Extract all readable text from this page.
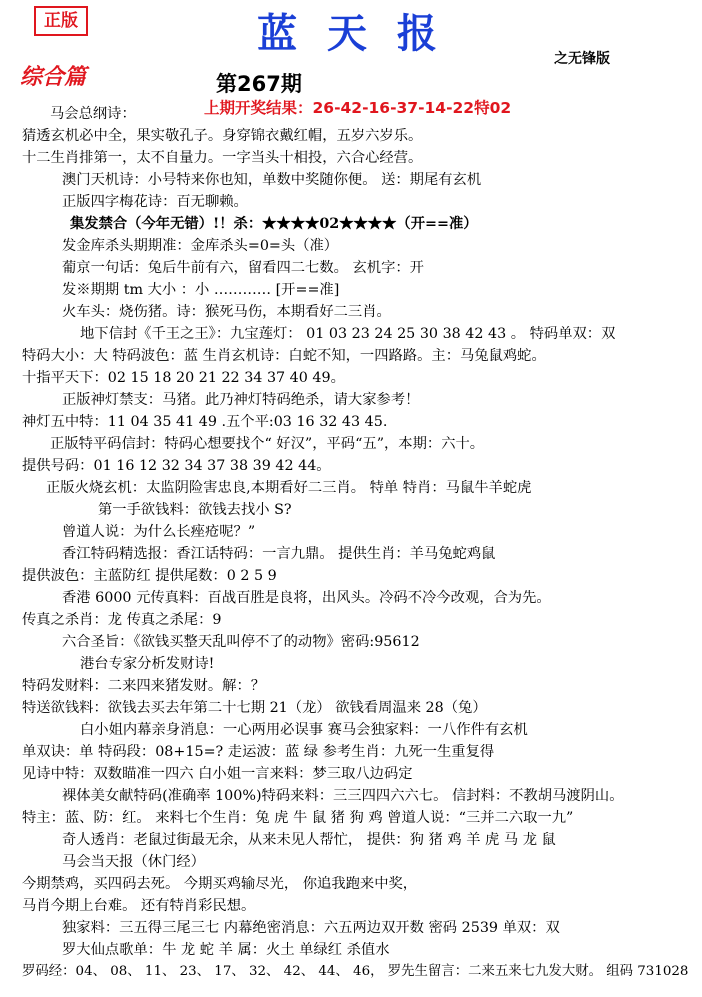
正版	蓝 天 报
之无锋版
综合篇	第267期
上期开奖结果：26-42-16-37-14-22特02
马会总纲诗：
猜透玄机必中全，果实敬孔子。身穿锦衣戴红帽，五岁六岁乐。
十二生肖排第一，太不自量力。一字当头十相投，六合心经营。
澳门天机诗：小号特来你也知，单数中奖随你便。 送：期尾有玄机
正版四字梅花诗：百无聊赖。
集发禁合（今年无错）!！杀：★★★★02★★★★（开==准）
发金库杀头期期准：金库杀头=0=头（准）
葡京一句话：兔后牛前有六，留看四二七数。 玄机字：开
发※期期 tm 大小 ：小 ………… [开==准]
火车头：烧伤猪。诗：猴死马伤，本期看好二三肖。
地下信封《千王之王》：九宝莲灯： 01 03 23 24 25 30 38 42 43 。 特码单双：双
特码大小：大 特码波色：蓝 生肖玄机诗：白蛇不知，一四路路。主：马兔鼠鸡蛇。
十指平天下：02 15 18 20 21 22 34 37 40 49。
正版神灯禁支：马猪。此乃神灯特码绝杀，请大家参考！
神灯五中特：11 04 35 41 49 .五个平:03 16 32 43 45.
正版特平码信封：特码心想要找个“ 好汉”，平码“五”，本期：六十。
提供号码：01 16 12 32 34 37 38 39 42 44。
正版火烧玄机：太监阴险害忠良,本期看好二三肖。 特单 特肖：马鼠牛羊蛇虎
第一手欲钱料：欲钱去找小 S?
曾道人说：为什么长痤疮呢？”
香江特码精选报：香江话特码：一言九鼎。 提供生肖：羊马兔蛇鸡鼠
提供波色：主蓝防红 提供尾数：0 2 5 9
香港 6000 元传真料：百战百胜是良将，出风头。冷码不冷今改观，合为先。
传真之杀肖：龙 传真之杀尾：9
六合圣旨：《欲钱买整天乱叫停不了的动物》密码:95612
港台专家分析发财诗!
特码发财料：二来四来猪发财。解：？
特送欲钱料：欲钱去买去年第二十七期 21（龙） 欲钱看周温来 28（兔）
白小姐内幕亲身消息：一心两用必误事 赛马会独家料：一八作件有玄机
单双诀：单 特码段：08+15=? 走运波：蓝 绿 参考生肖：九死一生重复得
见诗中特：双数瞄准一四六 白小姐一言来料：梦三取八边码定
裸体美女献特码(准确率 100%)特码来料：三三四四六六七。 信封料：不教胡马渡阴山。
特主：蓝、防：红。 来料七个生肖：兔 虎 牛 鼠 猪 狗 鸡 曾道人说：“三并二六取一九”
奇人透肖：老鼠过街最无余，从来未见人帮忙， 提供：狗 猪 鸡 羊 虎 马 龙 鼠
马会当天报（休门经）
今期禁鸡，买四码去死。 今期买鸡输尽光， 你追我跑来中奖，
马肖今期上台难。 还有特肖彩民想。
独家料：三五得三尾三七 内幕绝密消息：六五两边双开数 密码 2539 单双：双
罗大仙点歌单：牛 龙 蛇 羊 属：火土 单绿红 杀值水
罗码经：04、 08、 11、 23、 17、 32、 42、 44、 46， 罗先生留言：二来五来七九发大财。 组码 731028
